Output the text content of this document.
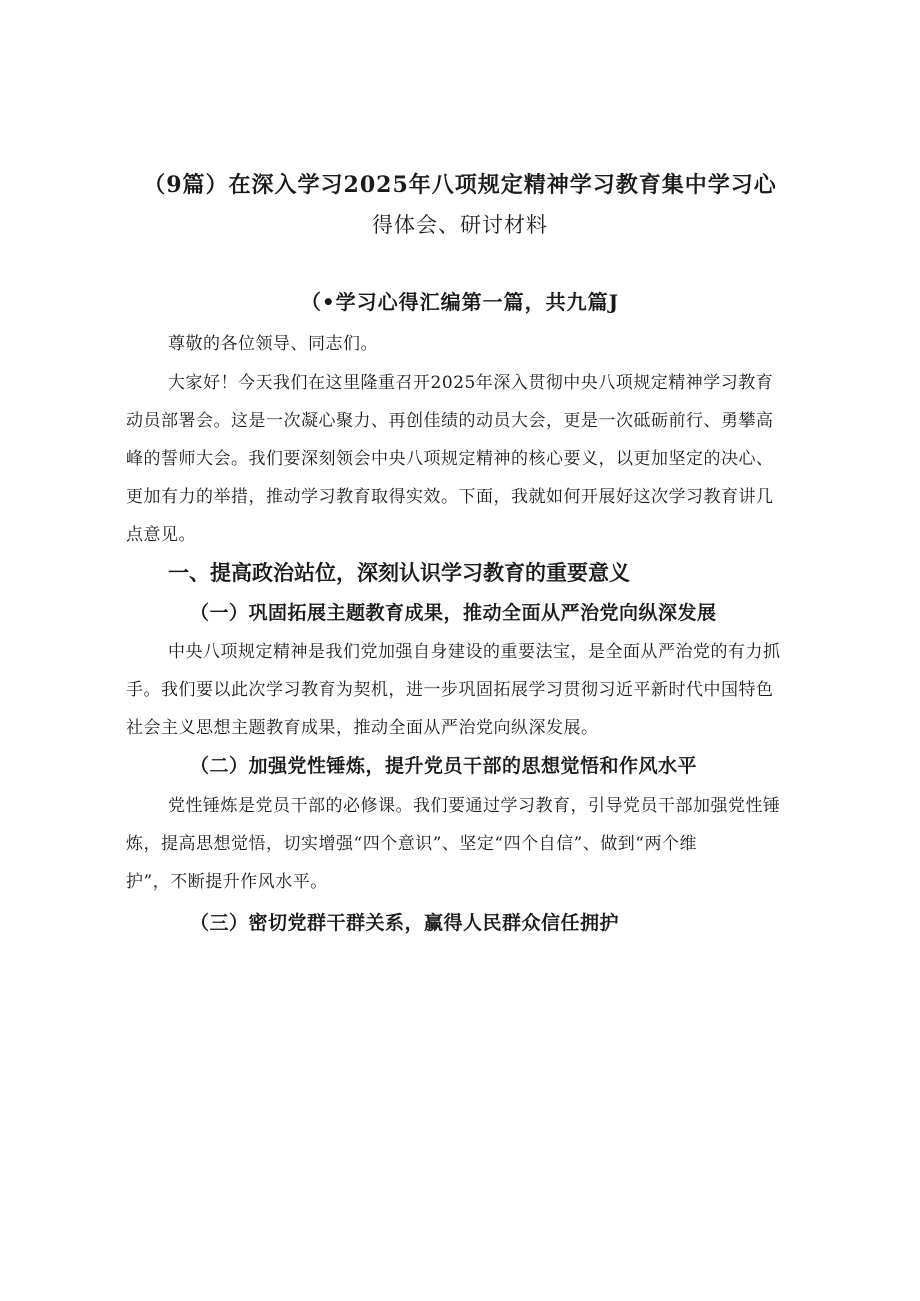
（9篇）在深入学习2025年八项规定精神学习教育集中学习心
得体会、研讨材料
（•学习心得汇编第一篇，共九篇J
尊敬的各位领导、同志们。
大家好！今天我们在这里隆重召开2025年深入贯彻中央八项规定精神学习教育
动员部署会。这是一次凝心聚力、再创佳绩的动员大会，更是一次砥砺前行、勇攀高
峰的誓师大会。我们要深刻领会中央八项规定精神的核心要义，以更加坚定的决心、
更加有力的举措，推动学习教育取得实效。下面，我就如何开展好这次学习教育讲几
点意见。
一、提高政治站位，深刻认识学习教育的重要意义
（一）巩固拓展主题教育成果，推动全面从严治党向纵深发展
中央八项规定精神是我们党加强自身建设的重要法宝，是全面从严治党的有力抓
手。我们要以此次学习教育为契机，进一步巩固拓展学习贯彻习近平新时代中国特色
社会主义思想主题教育成果，推动全面从严治党向纵深发展。
（二）加强党性锤炼，提升党员干部的思想觉悟和作风水平
党性锤炼是党员干部的必修课。我们要通过学习教育，引导党员干部加强党性锤
炼，提高思想觉悟，切实增强“四个意识”、坚定“四个自信”、做到“两个维
护”，不断提升作风水平。
（三）密切党群干群关系，赢得人民群众信任拥护
